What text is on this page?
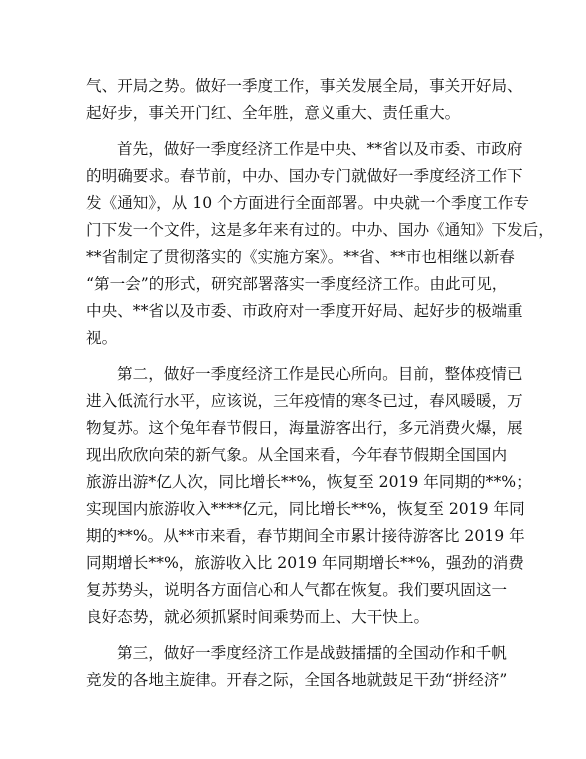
气、开局之势。做好一季度工作，事关发展全局，事关开好局、
起好步，事关开门红、全年胜，意义重大、责任重大。
首先，做好一季度经济工作是中央、**省以及市委、市政府
的明确要求。春节前，中办、国办专门就做好一季度经济工作下
发《通知》，从 10 个方面进行全面部署。中央就一个季度工作专
门下发一个文件，这是多年来有过的。中办、国办《通知》下发后，
**省制定了贯彻落实的《实施方案》。**省、**市也相继以新春
“第一会”的形式，研究部署落实一季度经济工作。由此可见，
中央、**省以及市委、市政府对一季度开好局、起好步的极端重
视。
第二，做好一季度经济工作是民心所向。目前，整体疫情已
进入低流行水平，应该说，三年疫情的寒冬已过，春风暖暖，万
物复苏。这个兔年春节假日，海量游客出行，多元消费火爆，展
现出欣欣向荣的新气象。从全国来看，今年春节假期全国国内
旅游出游*亿人次，同比增长**%，恢复至 2019 年同期的**%；
实现国内旅游收入****亿元，同比增长**%，恢复至 2019 年同
期的**%。从**市来看，春节期间全市累计接待游客比 2019 年
同期增长**%，旅游收入比 2019 年同期增长**%，强劲的消费
复苏势头，说明各方面信心和人气都在恢复。我们要巩固这一
良好态势，就必须抓紧时间乘势而上、大干快上。
第三，做好一季度经济工作是战鼓擂擂的全国动作和千帆
竞发的各地主旋律。开春之际，全国各地就鼓足干劲“拼经济”
